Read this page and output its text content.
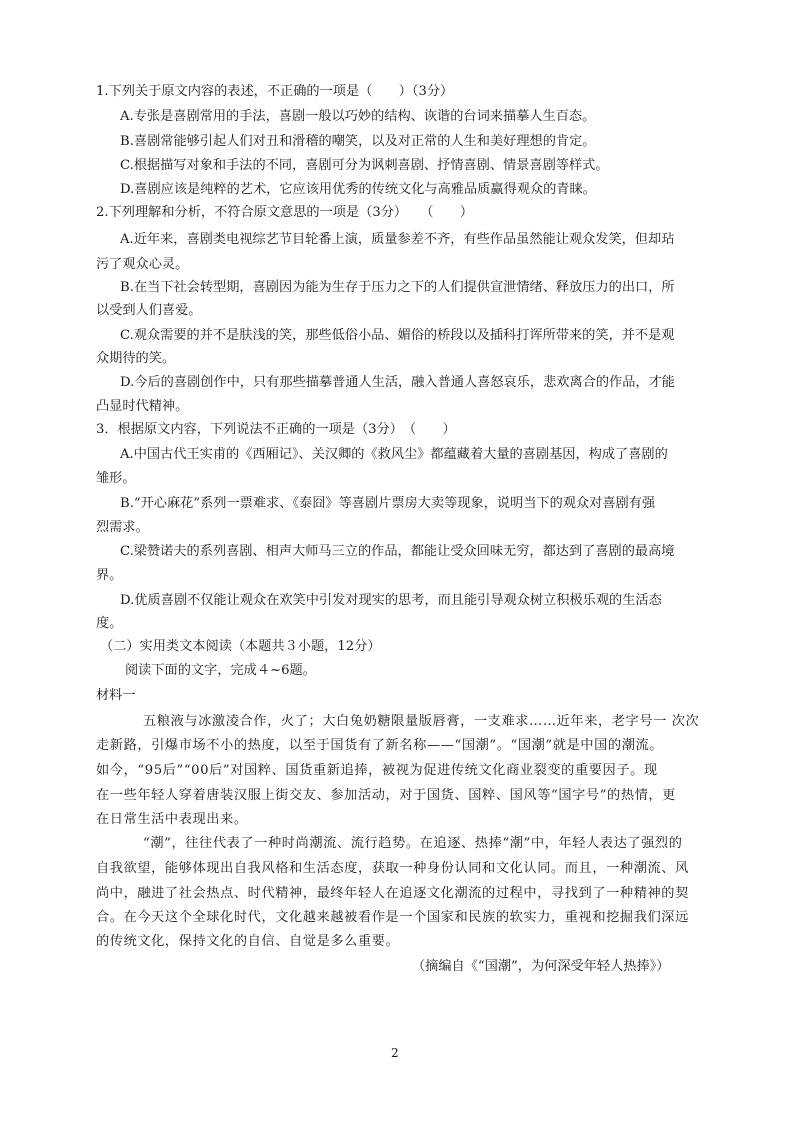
1.下列关于原文内容的表述，不正确的一项是（　　）（3分）
A.专张是喜剧常用的手法，喜剧一般以巧妙的结构、诙谐的台词来描摹人生百态。
B.喜剧常能够引起人们对丑和滑稽的嘲笑，以及对正常的人生和美好理想的肯定。
C.根据描写对象和手法的不同，喜剧可分为讽刺喜剧、抒情喜剧、情景喜剧等样式。
D.喜剧应该是纯粹的艺术，它应该用优秀的传统文化与高雅品质赢得观众的青睐。
2.下列理解和分析，不符合原文意思的一项是（3分）　　（　　）
A.近年来，喜剧类电视综艺节目轮番上演，质量参差不齐，有些作品虽然能让观众发笑，但却玷
污了观众心灵。
B.在当下社会转型期，喜剧因为能为生存于压力之下的人们提供宣泄情绪、释放压力的出口，所
以受到人们喜爱。
C.观众需要的并不是肤浅的笑，那些低俗小品、媚俗的桥段以及插科打诨所带来的笑，并不是观
众期待的笑。
D.今后的喜剧创作中，只有那些描摹普通人生活，融入普通人喜怒哀乐，悲欢离合的作品，才能
凸显时代精神。
3．根据原文内容，下列说法不正确的一项是（3分）　（　　）
A.中国古代王实甫的《西厢记》、关汉卿的《救风尘》都蕴藏着大量的喜剧基因，构成了喜剧的
雏形。
B.“开心麻花”系列一票难求、《泰囧》等喜剧片票房大卖等现象，说明当下的观众对喜剧有强
烈需求。
C.梁赞诺夫的系列喜剧、相声大师马三立的作品，都能让受众回味无穷，都达到了喜剧的最高境
界。
D.优质喜剧不仅能让观众在欢笑中引发对现实的思考，而且能引导观众树立积极乐观的生活态
度。
（二）实用类文本阅读（本题共３小题，12分）
阅读下面的文字，完成４~6题。
材料一
五粮液与冰激凌合作，火了；大白兔奶糖限量版唇膏，一支难求……近年来，老字号一 次次
走新路，引爆市场不小的热度，以至于国货有了新名称——“国潮”。“国潮”就是中国的潮流。
如今，“95后”“00后”对国粹、国货重新追捧，被视为促进传统文化商业裂变的重要因子。现
在一些年轻人穿着唐装汉服上街交友、参加活动，对于国货、国粹、国风等“国字号”的热情，更
在日常生活中表现出来。
“潮”，往往代表了一种时尚潮流、流行趋势。在追逐、热捧“潮”中，年轻人表达了强烈的
自我欲望，能够体现出自我风格和生活态度，获取一种身份认同和文化认同。而且，一种潮流、风
尚中，融进了社会热点、时代精神，最终年轻人在追逐文化潮流的过程中，寻找到了一种精神的契
合。在今天这个全球化时代，文化越来越被看作是一个国家和民族的软实力，重视和挖掘我们深远
的传统文化，保持文化的自信、自觉是多么重要。
（摘编自《“国潮”，为何深受年轻人热捧》）
2
